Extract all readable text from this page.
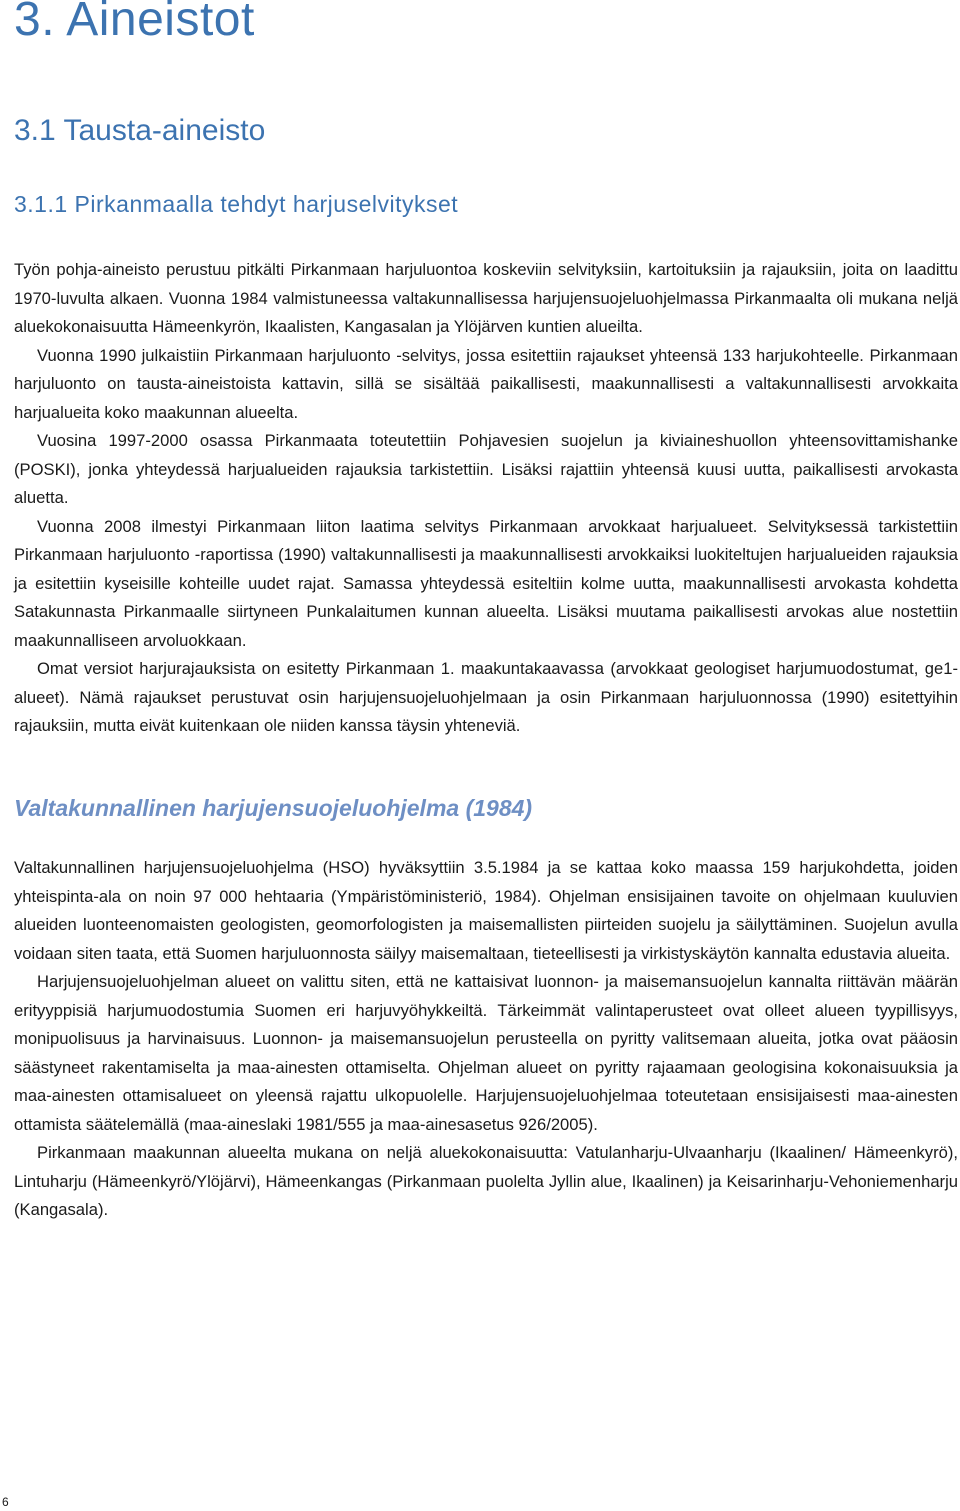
3. Aineistot
3.1 Tausta-aineisto
3.1.1 Pirkanmaalla tehdyt harjuselvitykset

Työn pohja-aineisto perustuu pitkälti Pirkanmaan harjuluontoa koskeviin selvityksiin, kartoituksiin ja rajauksiin, joita on laadittu 1970-luvulta alkaen. Vuonna 1984 valmistuneessa valtakunnallisessa harjujensuojeluohjelmassa Pirkanmaalta oli mukana neljä aluekokonaisuutta Hämeenkyrön, Ikaalisten, Kangasalan ja Ylöjärven kuntien alueilta.

Vuonna 1990 julkaistiin Pirkanmaan harjuluonto -selvitys, jossa esitettiin rajaukset yhteensä 133 harjukohteelle. Pirkanmaan harjuluonto on tausta-aineistoista kattavin, sillä se sisältää paikallisesti, maakunnallisesti a valtakunnallisesti arvokkaita harjualueita koko maakunnan alueelta.

Vuosina 1997-2000 osassa Pirkanmaata toteutettiin Pohjavesien suojelun ja kiviaineshuollon yhteensovittamishanke (POSKI), jonka yhteydessä harjualueiden rajauksia tarkistettiin. Lisäksi rajattiin yhteensä kuusi uutta, paikallisesti arvokasta aluetta.

Vuonna 2008 ilmestyi Pirkanmaan liiton laatima selvitys Pirkanmaan arvokkaat harjualueet. Selvityksessä tarkistettiin Pirkanmaan harjuluonto -raportissa (1990) valtakunnallisesti ja maakunnallisesti arvokkaiksi luokiteltujen harjualueiden rajauksia ja esitettiin kyseisille kohteille uudet rajat. Samassa yhteydessä esiteltiin kolme uutta, maakunnallisesti arvokasta kohdetta Satakunnasta Pirkanmaalle siirtyneen Punkalaitumen kunnan alueelta. Lisäksi muutama paikallisesti arvokas alue nostettiin maakunnalliseen arvoluokkaan.

Omat versiot harjurajauksista on esitetty Pirkanmaan 1. maakuntakaavassa (arvokkaat geologiset harjumuodostumat, ge1-alueet). Nämä rajaukset perustuvat osin harjujensuojeluohjelmaan ja osin Pirkanmaan harjuluonnossa (1990) esitettyihin rajauksiin, mutta eivät kuitenkaan ole niiden kanssa täysin yhteneviä.

Valtakunnallinen harjujensuojeluohjelma (1984)

Valtakunnallinen harjujensuojeluohjelma (HSO) hyväksyttiin 3.5.1984 ja se kattaa koko maassa 159 harjukohdetta, joiden yhteispinta-ala on noin 97 000 hehtaaria (Ympäristöministeriö, 1984). Ohjelman ensisijainen tavoite on ohjelmaan kuuluvien alueiden luonteenomaisten geologisten, geomorfologisten ja maisemallisten piirteiden suojelu ja säilyttäminen. Suojelun avulla voidaan siten taata, että Suomen harjuluonnosta säilyy maisemaltaan, tieteellisesti ja virkistyskäytön kannalta edustavia alueita.

Harjujensuojeluohjelman alueet on valittu siten, että ne kattaisivat luonnon- ja maisemansuojelun kannalta riittävän määrän erityyppisiä harjumuodostumia Suomen eri harjuvyöhykkeiltä. Tärkeimmät valintaperusteet ovat olleet alueen tyypillisyys, monipuolisuus ja harvinaisuus. Luonnon- ja maisemansuojelun perusteella on pyritty valitsemaan alueita, jotka ovat pääosin säästyneet rakentamiselta ja maa-ainesten ottamiselta. Ohjelman alueet on pyritty rajaamaan geologisina kokonaisuuksia ja maa-ainesten ottamisalueet on yleensä rajattu ulkopuolelle. Harjujensuojeluohjelmaa toteutetaan ensisijaisesti maa-ainesten ottamista säätelemällä (maa-aineslaki 1981/555 ja maa-ainesasetus 926/2005).

Pirkanmaan maakunnan alueelta mukana on neljä aluekokonaisuutta: Vatulanharju-Ulvaanharju (Ikaalinen/ Hämeenkyrö), Lintuharju (Hämeenkyrö/Ylöjärvi), Hämeenkangas (Pirkanmaan puolelta Jyllin alue, Ikaalinen) ja Keisarinharju-Vehoniemenharju (Kangasala).

6
